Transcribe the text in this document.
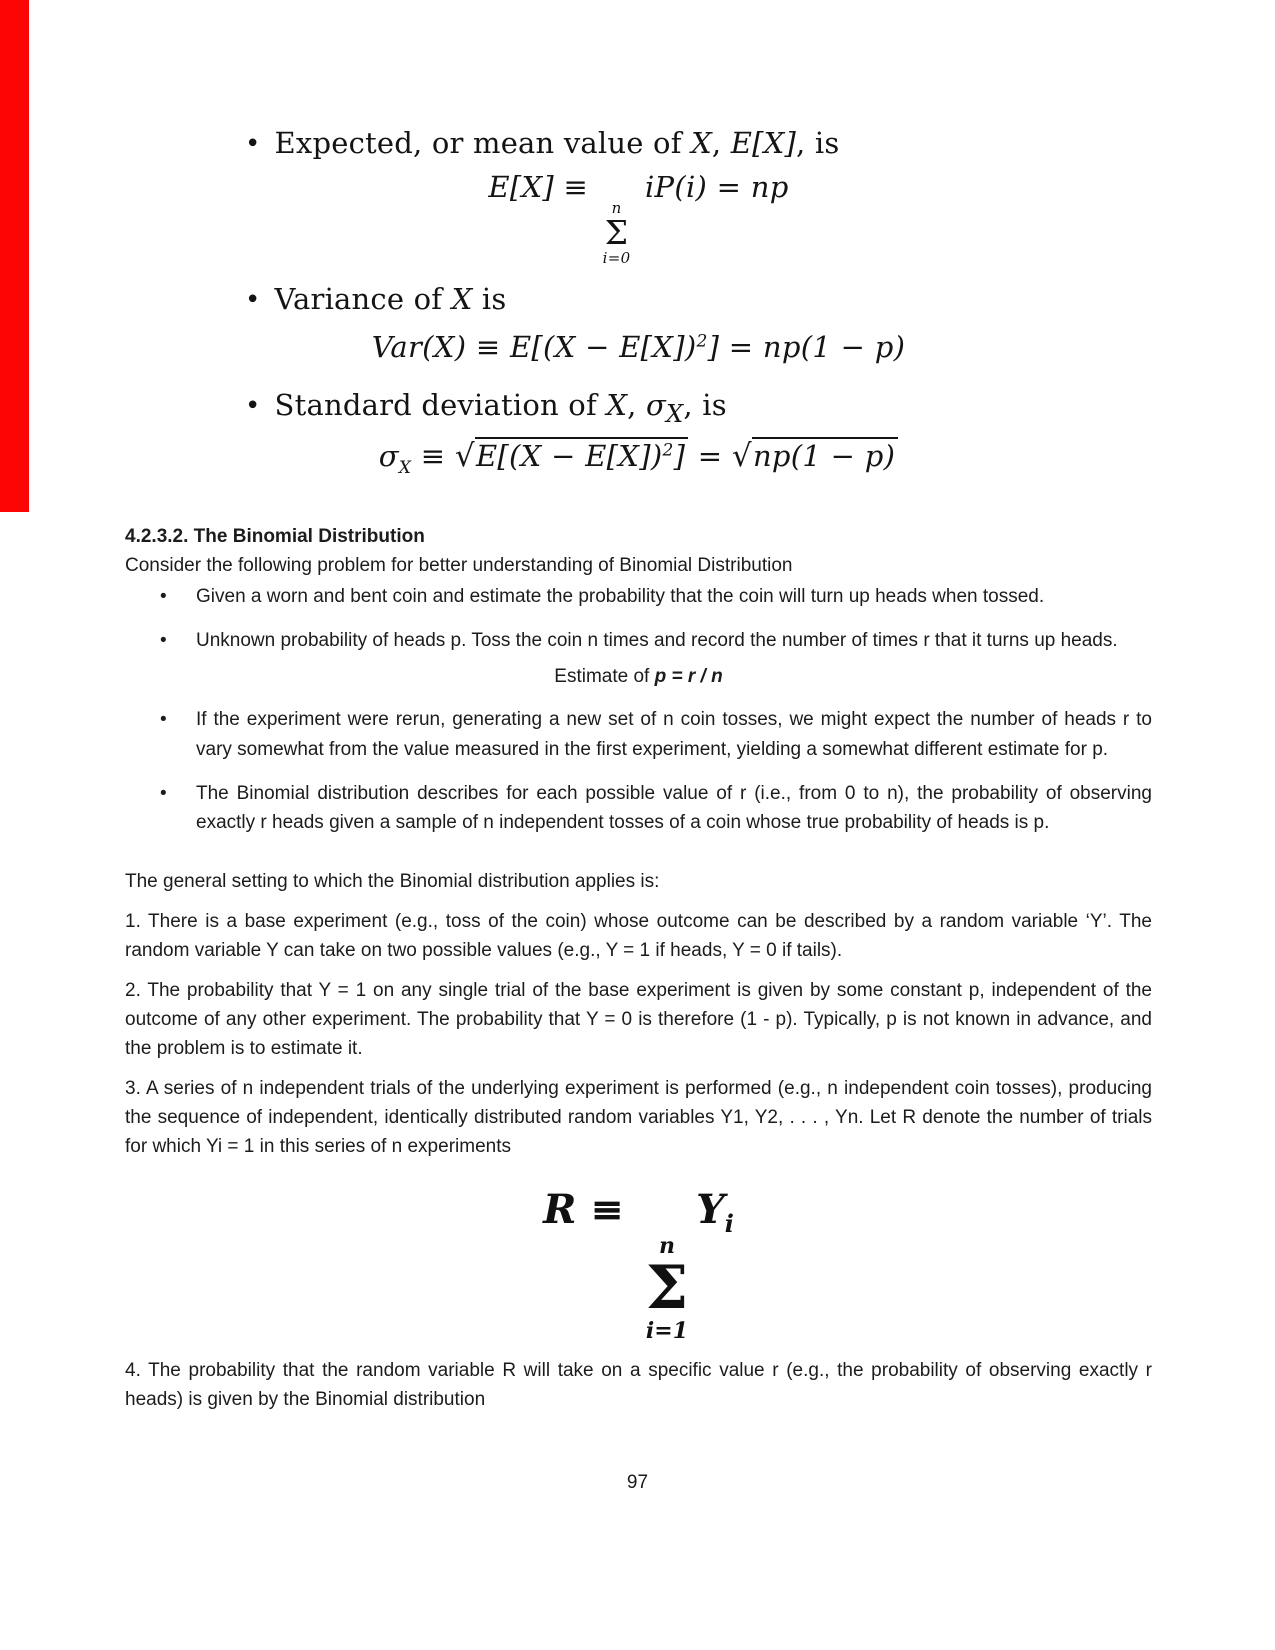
• Expected, or mean value of X, E[X], is
E[X] ≡
n
Σ
i=0
iP(i) = np
• Variance of X is
$Var(X) \equiv E[(X - E[X])^2] = np(1 - p)$
• Standard deviation of X, $\sigma_X$, is
$\sigma_X \equiv √E[(X - E[X])^2] = √np(1 - p)$
4.2.3.2. The Binomial Distribution
Consider the following problem for better understanding of Binomial Distribution
•	Given a worn and bent coin and estimate the probability that the coin will turn up heads when tossed.
•	Unknown probability of heads p. Toss the coin n times and record the number of times r that it turns up heads.
Estimate of p = r / n
•	If the experiment were rerun, generating a new set of n coin tosses, we might expect the number of heads r to vary somewhat from the value measured in the first experiment, yielding a somewhat different estimate for p.
•	The Binomial distribution describes for each possible value of r (i.e., from 0 to n), the probability of observing exactly r heads given a sample of n independent tosses of a coin whose true probability of heads is p.

The general setting to which the Binomial distribution applies is:

1. There is a base experiment (e.g., toss of the coin) whose outcome can be described by a random variable ‘Y’. The random variable Y can take on two possible values (e.g., Y = 1 if heads, Y = 0 if tails).

2. The probability that Y = 1 on any single trial of the base experiment is given by some constant p, independent of the outcome of any other experiment. The probability that Y = 0 is therefore (1 - p). Typically, p is not known in advance, and the problem is to estimate it.

3. A series of n independent trials of the underlying experiment is performed (e.g., n independent coin tosses), producing the sequence of independent, identically distributed random variables Y1, Y2, . . . , Yn. Let R denote the number of trials for which Yi = 1 in this series of n experiments

R ≡
n
Σ
i=1
$Y_i$

4. The probability that the random variable R will take on a specific value r (e.g., the probability of observing exactly r heads) is given by the Binomial distribution

97
